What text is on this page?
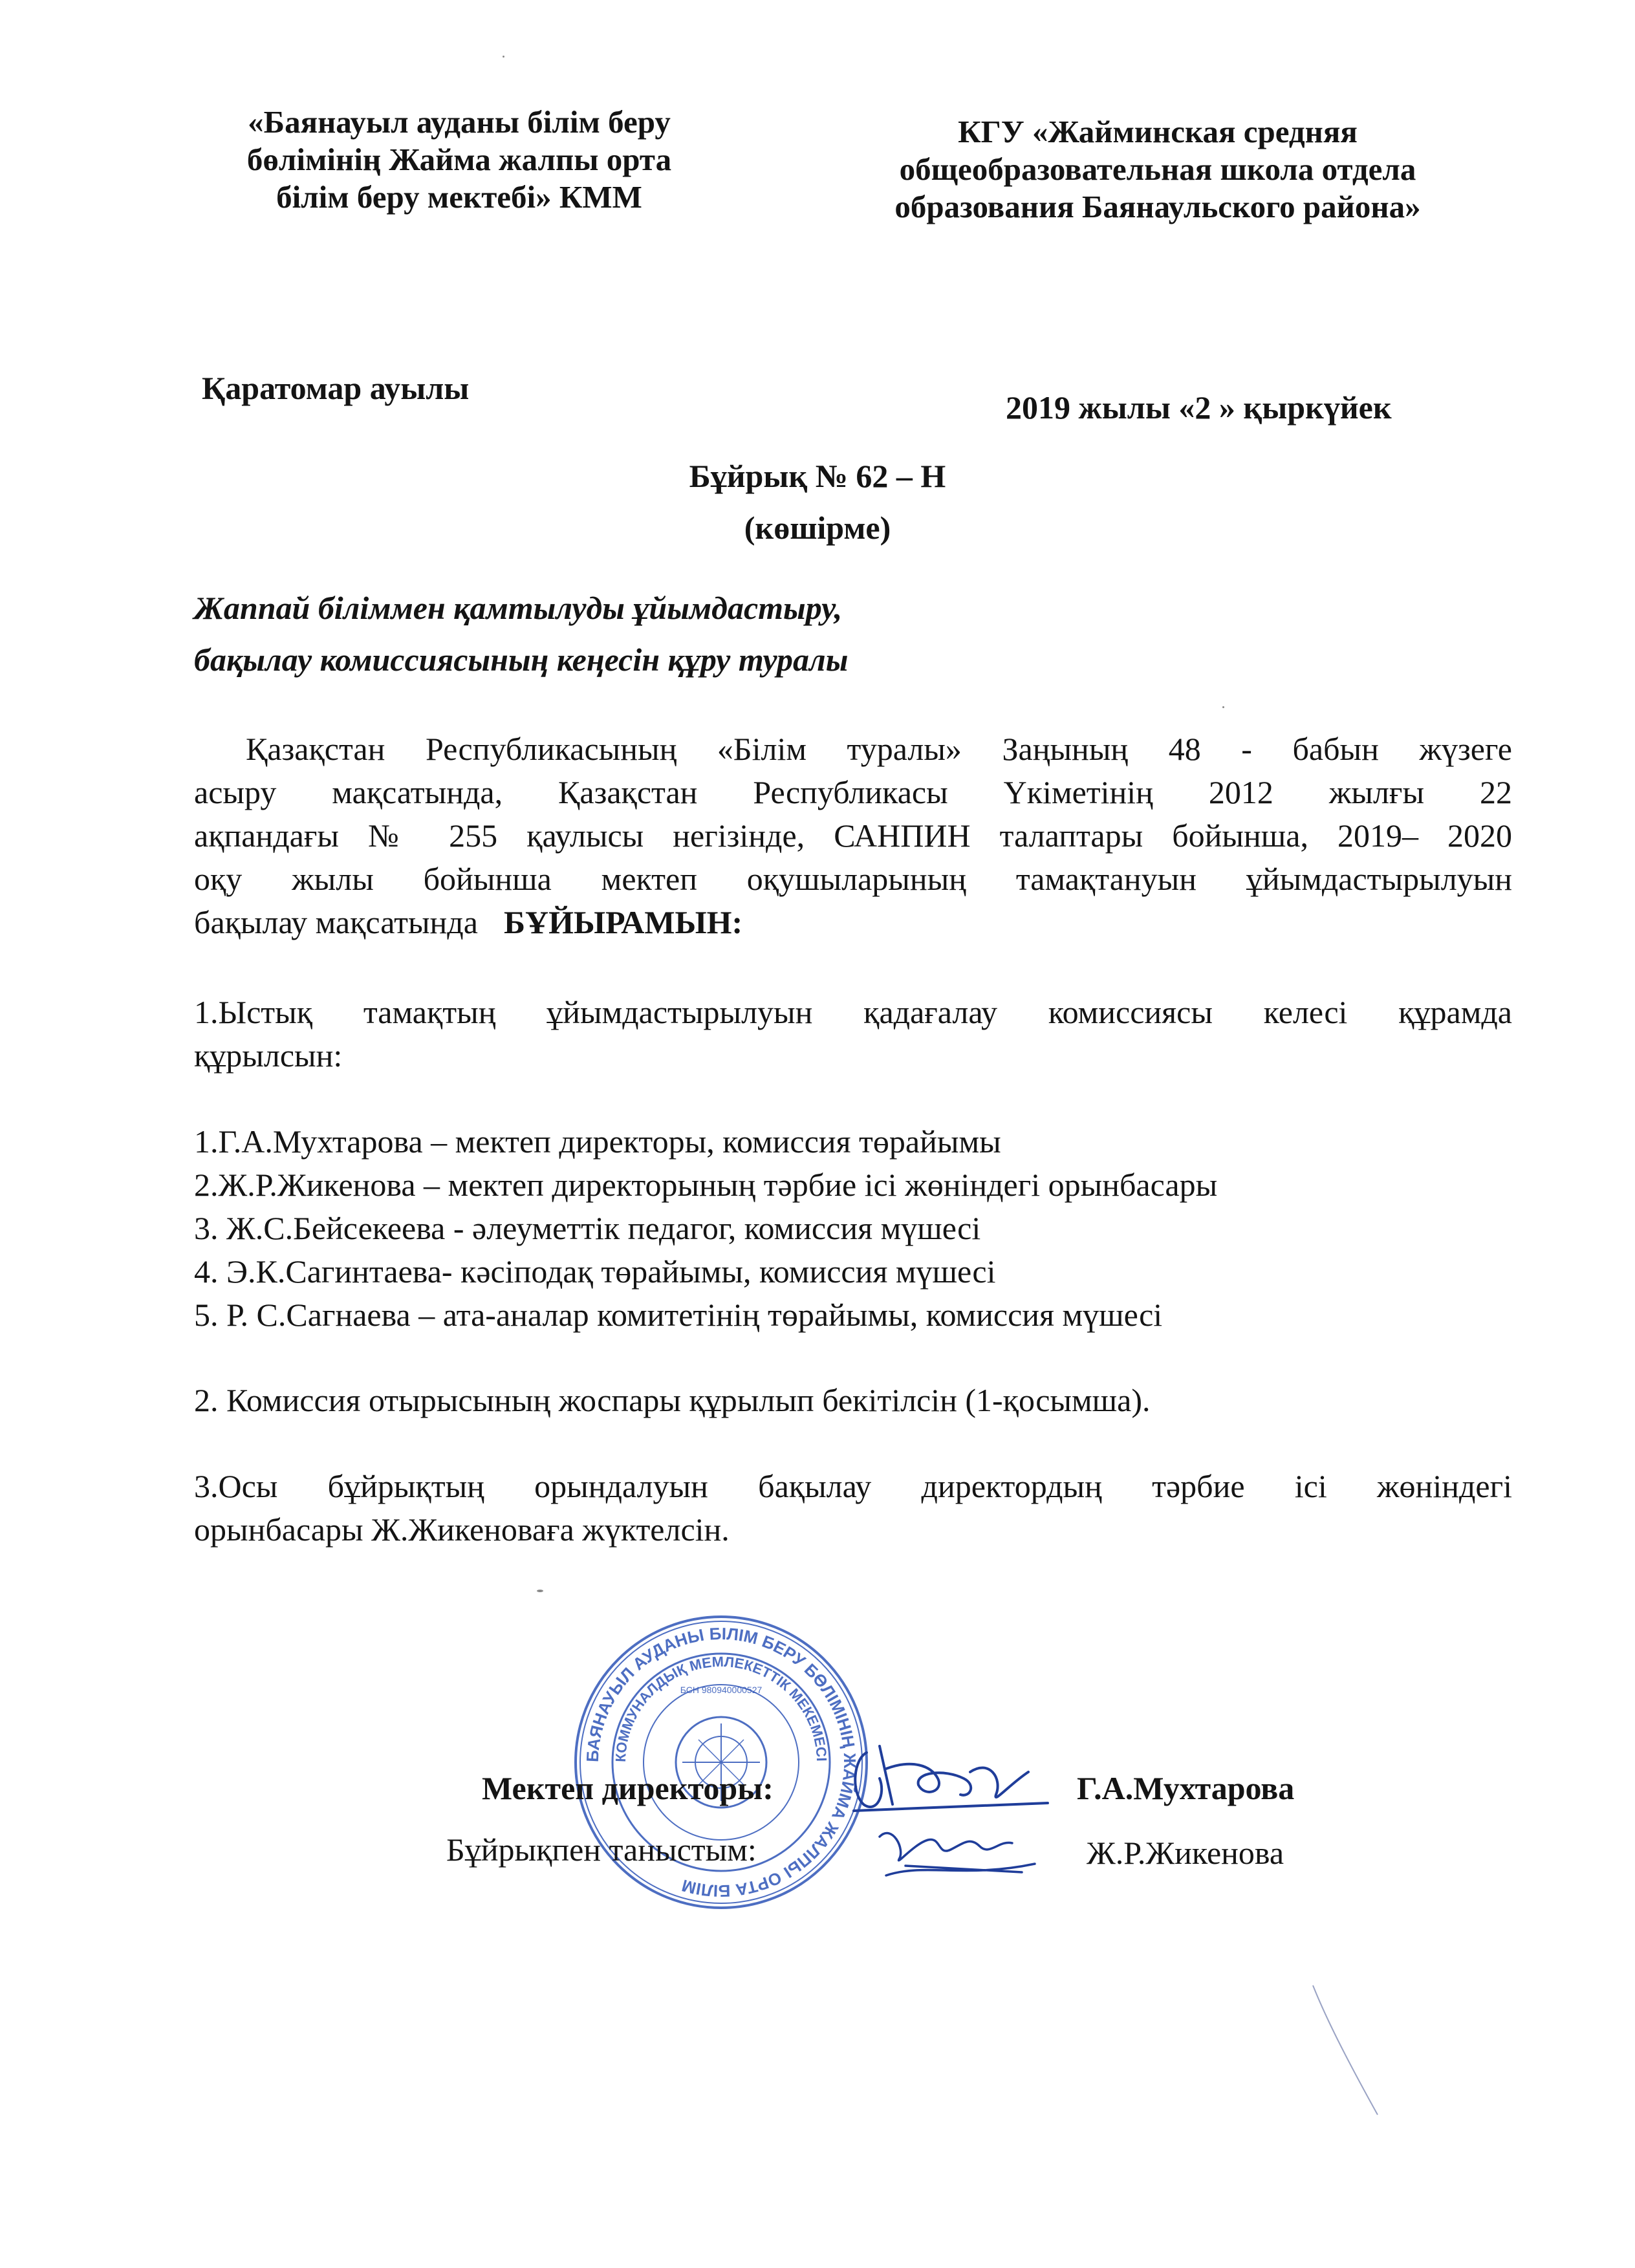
«Баянауыл ауданы білім беру
бөлімінің Жайма жалпы орта
білім беру мектебі» КММ
КГУ «Жайминская средняя
общеобразовательная школа отдела
образования Баянаульского района»
Қаратомар ауылы
2019 жылы «2 » қыркүйек
Бұйрық № 62 – Н
(көшірме)
Жаппай біліммен қамтылуды ұйымдастыру,
бақылау комиссиясының кеңесін құру туралы
Қазақстан Республикасының «Білім туралы» Заңының 48 - бабын жүзеге
асыру мақсатында, Қазақстан Республикасы Үкіметінің 2012 жылғы 22
ақпандағы № 255 қаулысы негізінде, САНПИН талаптары бойынша, 2019– 2020
оқу жылы бойынша мектеп оқушыларының тамақтануын ұйымдастырылуын
бақылау мақсатында БҰЙЫРАМЫН:
1.Ыстық тамақтың ұйымдастырылуын қадағалау комиссиясы келесі құрамда
құрылсын:
1.Г.А.Мухтарова – мектеп директоры, комиссия төрайымы
2.Ж.Р.Жикенова – мектеп директорының тәрбие ісі жөніндегі орынбасары
3. Ж.С.Бейсекеева - әлеуметтік педагог, комиссия мүшесі
4. Э.К.Сагинтаева- кәсіподақ төрайымы, комиссия мүшесі
5. Р. С.Сагнаева – ата-аналар комитетінің төрайымы, комиссия мүшесі
2. Комиссия отырысының жоспары құрылып бекітілсін (1-қосымша).
3.Осы бұйрықтың орындалуын бақылау директордың тәрбие ісі жөніндегі
орынбасары Ж.Жикеноваға жүктелсін.
БАЯНАУЫЛ АУДАНЫ БІЛІМ БЕРУ БӨЛІМІНІҢ ЖАЙМА ЖАЛПЫ ОРТА БІЛІМ
КОММУНАЛДЫҚ МЕМЛЕКЕТТІК МЕКЕМЕСІ
БСН 980940000527
Мектеп директоры:	Г.А.Мухтарова
Бұйрықпен таныстым:	Ж.Р.Жикенова
